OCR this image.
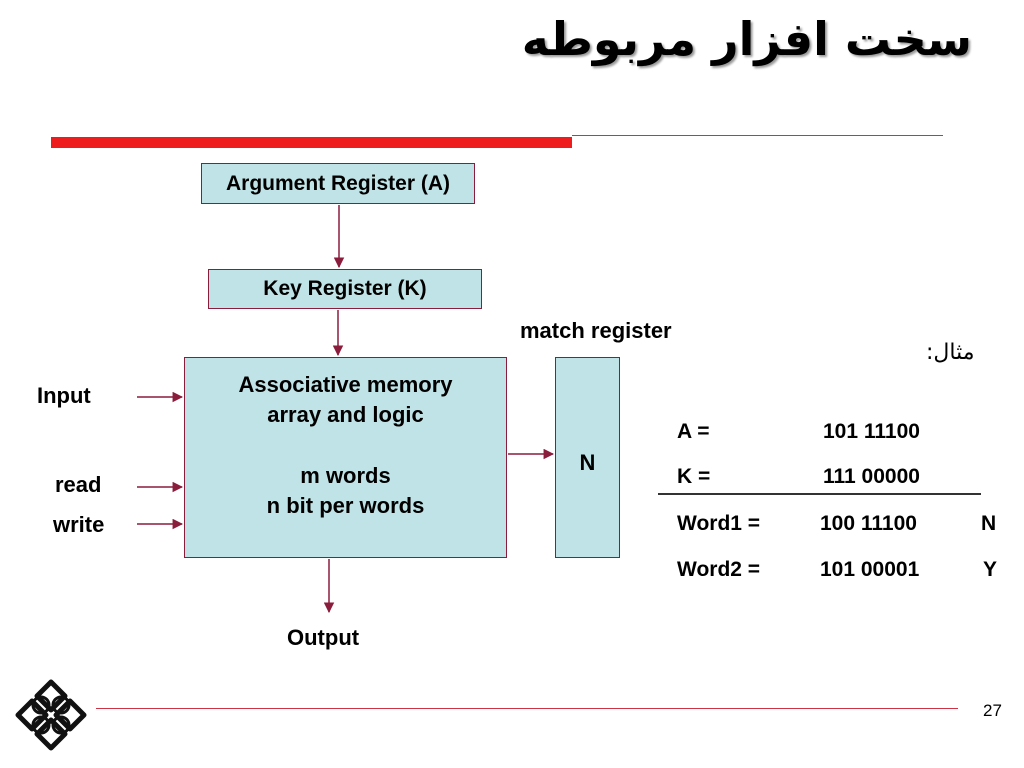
سخت افزار مربوطه
Argument Register (A)
Key Register (K)
Associative memory
array and logic
m words
n bit per words
N
match register
Input
read
write
Output
مثال:
A =	101 11100
K =	111 00000
Word1 =	100 11100	N
Word2 =	101 00001	Y
27
